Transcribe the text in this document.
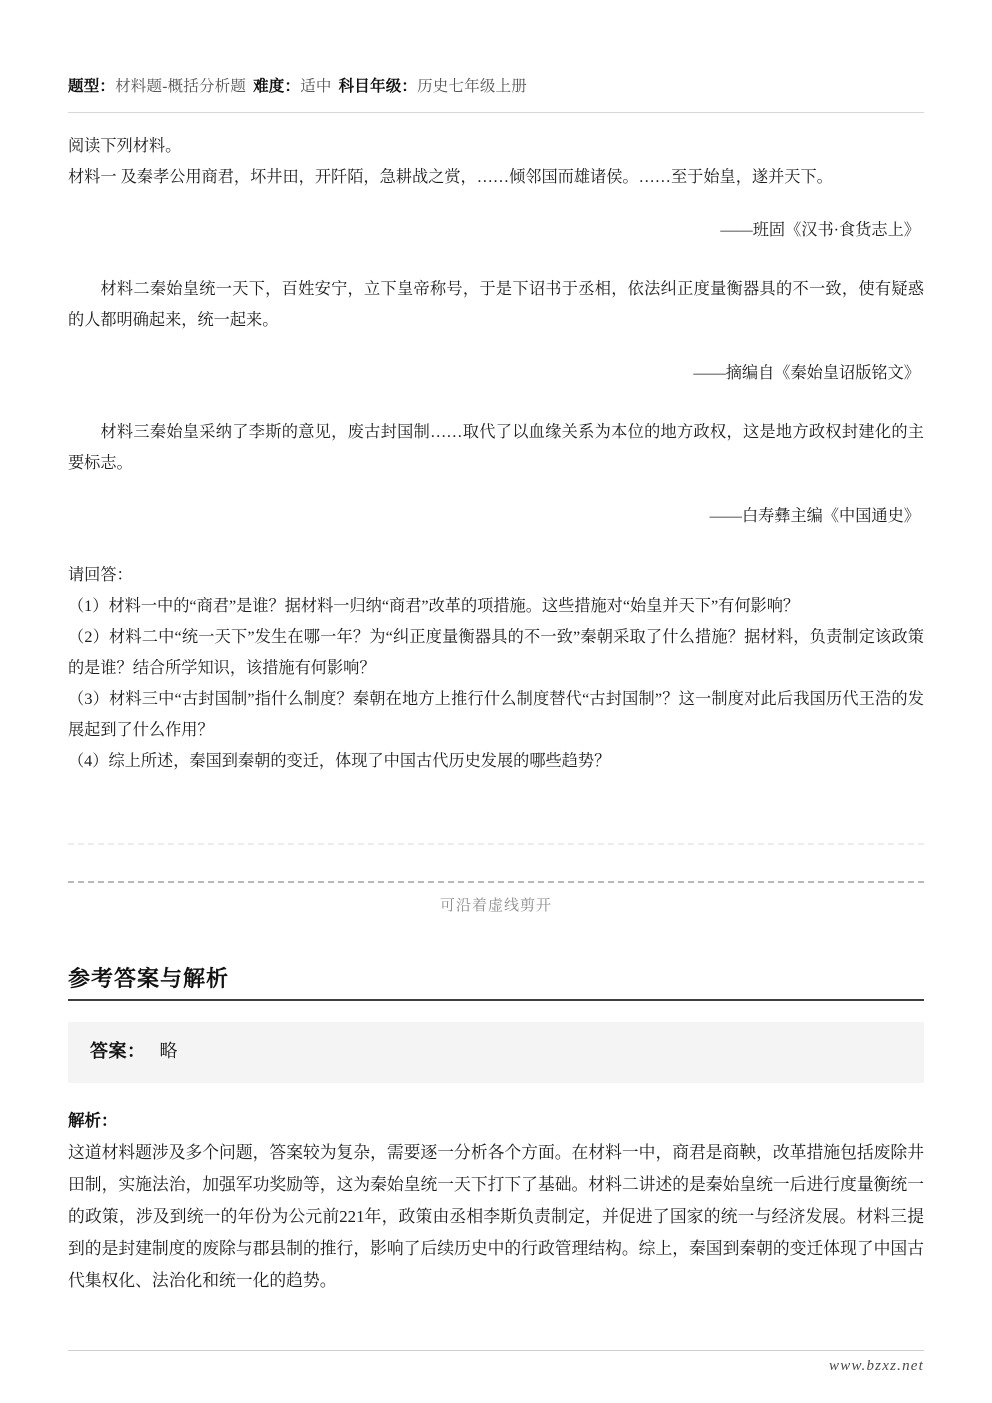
题型：材料题-概括分析题 难度：适中 科目年级：历史七年级上册

阅读下列材料。

材料一 及秦孝公用商君，坏井田，开阡陌，急耕战之赏，……倾邻国而雄诸侯。……至于始皇，遂并天下。

——班固《汉书·食货志上》

材料二秦始皇统一天下，百姓安宁，立下皇帝称号，于是下诏书于丞相，依法纠正度量衡器具的不一致，使有疑惑的人都明确起来，统一起来。

——摘编自《秦始皇诏版铭文》

材料三秦始皇采纳了李斯的意见，废古封国制……取代了以血缘关系为本位的地方政权，这是地方政权封建化的主要标志。

——白寿彝主编《中国通史》

请回答：

（1）材料一中的“商君”是谁？据材料一归纳“商君”改革的项措施。这些措施对“始皇并天下”有何影响？

（2）材料二中“统一天下”发生在哪一年？为“纠正度量衡器具的不一致”秦朝采取了什么措施？据材料，负责制定该政策的是谁？结合所学知识，该措施有何影响？

（3）材料三中“古封国制”指什么制度？秦朝在地方上推行什么制度替代“古封国制”？这一制度对此后我国历代王浩的发展起到了什么作用？

（4）综上所述，秦国到秦朝的变迁，体现了中国古代历史发展的哪些趋势？

可沿着虚线剪开
参考答案与解析
答案： 略
解析：
这道材料题涉及多个问题，答案较为复杂，需要逐一分析各个方面。在材料一中，商君是商鞅，改革措施包括废除井田制，实施法治，加强军功奖励等，这为秦始皇统一天下打下了基础。材料二讲述的是秦始皇统一后进行度量衡统一的政策，涉及到统一的年份为公元前221年，政策由丞相李斯负责制定，并促进了国家的统一与经济发展。材料三提到的是封建制度的废除与郡县制的推行，影响了后续历史中的行政管理结构。综上，秦国到秦朝的变迁体现了中国古代集权化、法治化和统一化的趋势。
www.bzxz.net
